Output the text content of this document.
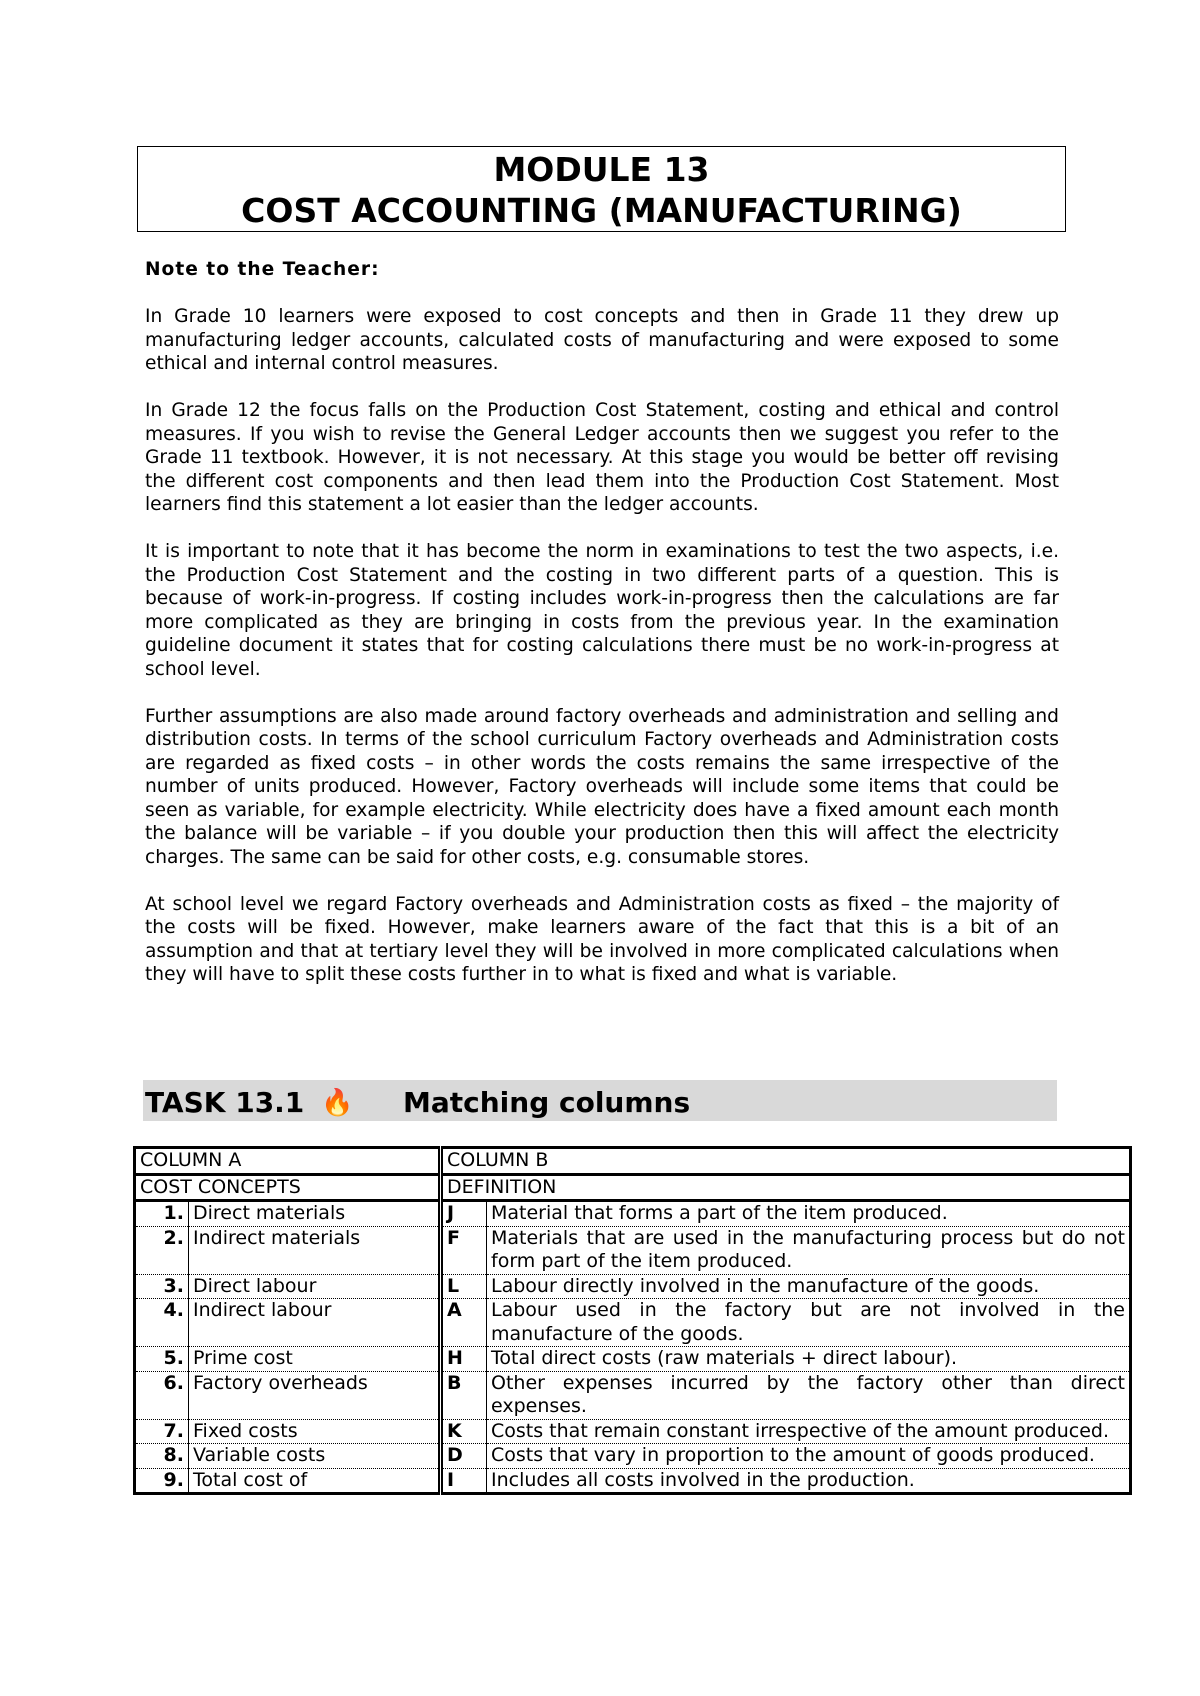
MODULE 13
COST ACCOUNTING (MANUFACTURING)

Note to the Teacher:

In Grade 10 learners were exposed to cost concepts and then in Grade 11 they drew up manufacturing ledger accounts, calculated costs of manufacturing and were exposed to some ethical and internal control measures.

In Grade 12 the focus falls on the Production Cost Statement, costing and ethical and control measures. If you wish to revise the General Ledger accounts then we suggest you refer to the Grade 11 textbook. However, it is not necessary. At this stage you would be better off revising the different cost components and then lead them into the Production Cost Statement. Most learners find this statement a lot easier than the ledger accounts.

It is important to note that it has become the norm in examinations to test the two aspects, i.e. the Production Cost Statement and the costing in two different parts of a question. This is because of work-in-progress. If costing includes work-in-progress then the calculations are far more complicated as they are bringing in costs from the previous year. In the examination guideline document it states that for costing calculations there must be no work-in-progress at school level.

Further assumptions are also made around factory overheads and administration and selling and distribution costs. In terms of the school curriculum Factory overheads and Administration costs are regarded as fixed costs – in other words the costs remains the same irrespective of the number of units produced. However, Factory overheads will include some items that could be seen as variable, for example electricity. While electricity does have a fixed amount each month the balance will be variable – if you double your production then this will affect the electricity charges. The same can be said for other costs, e.g. consumable stores.

At school level we regard Factory overheads and Administration costs as fixed – the majority of the costs will be fixed. However, make learners aware of the fact that this is a bit of an assumption and that at tertiary level they will be involved in more complicated calculations when they will have to split these costs further in to what is fixed and what is variable.

TASK 13.1 🔥 Matching columns
COLUMN A		COLUMN B	
COST CONCEPTS		DEFINITION	
1.	Direct materials	J	Material that forms a part of the item produced.
2.	Indirect materials	F	Materials that are used in the manufacturing process but do not form part of the item produced.
3.	Direct labour	L	Labour directly involved in the manufacture of the goods.
4.	Indirect labour	A	Labour used in the factory but are not involved in the manufacture of the goods.
5.	Prime cost	H	Total direct costs (raw materials + direct labour).
6.	Factory overheads	B	Other expenses incurred by the factory other than direct expenses.
7.	Fixed costs	K	Costs that remain constant irrespective of the amount produced.
8.	Variable costs	D	Costs that vary in proportion to the amount of goods produced.
9.	Total cost of	I	Includes all costs involved in the production.
